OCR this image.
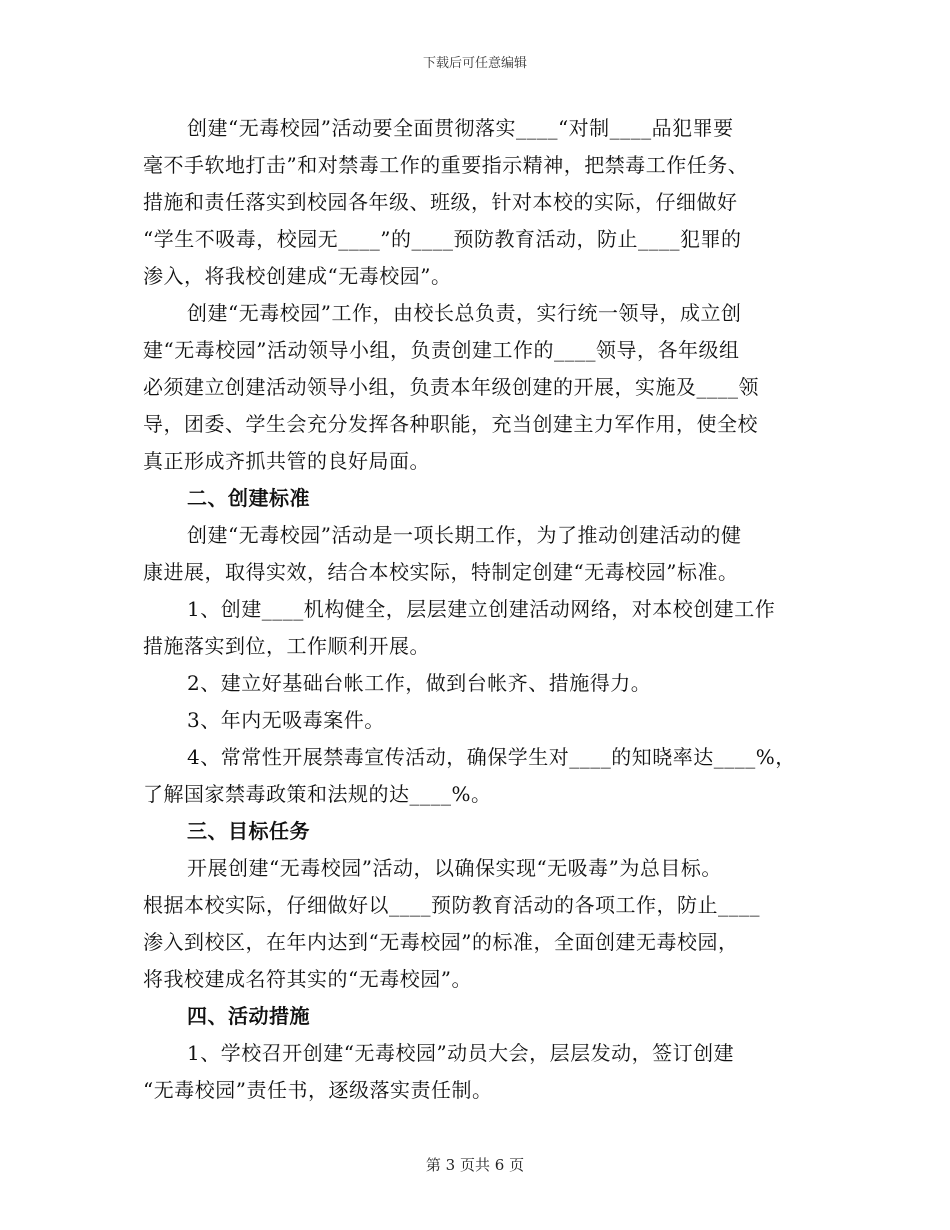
下载后可任意编辑
创建“无毒校园”活动要全面贯彻落实____“对制____品犯罪要
毫不手软地打击”和对禁毒工作的重要指示精神，把禁毒工作任务、
措施和责任落实到校园各年级、班级，针对本校的实际，仔细做好
“学生不吸毒，校园无____”的____预防教育活动，防止____犯罪的
渗入，将我校创建成“无毒校园”。
创建“无毒校园”工作，由校长总负责，实行统一领导，成立创
建“无毒校园”活动领导小组，负责创建工作的____领导，各年级组
必须建立创建活动领导小组，负责本年级创建的开展，实施及____领
导，团委、学生会充分发挥各种职能，充当创建主力军作用，使全校
真正形成齐抓共管的良好局面。
二、创建标准
创建“无毒校园”活动是一项长期工作，为了推动创建活动的健
康进展，取得实效，结合本校实际，特制定创建“无毒校园”标准。
1、创建____机构健全，层层建立创建活动网络，对本校创建工作
措施落实到位，工作顺利开展。
2、建立好基础台帐工作，做到台帐齐、措施得力。
3、年内无吸毒案件。
4、常常性开展禁毒宣传活动，确保学生对____的知晓率达____%，
了解国家禁毒政策和法规的达____%。
三、目标任务
开展创建“无毒校园”活动，以确保实现“无吸毒”为总目标。
根据本校实际，仔细做好以____预防教育活动的各项工作，防止____
渗入到校区，在年内达到“无毒校园”的标准，全面创建无毒校园，
将我校建成名符其实的“无毒校园”。
四、活动措施
1、学校召开创建“无毒校园”动员大会，层层发动，签订创建
“无毒校园”责任书，逐级落实责任制。
第 3 页共 6 页
